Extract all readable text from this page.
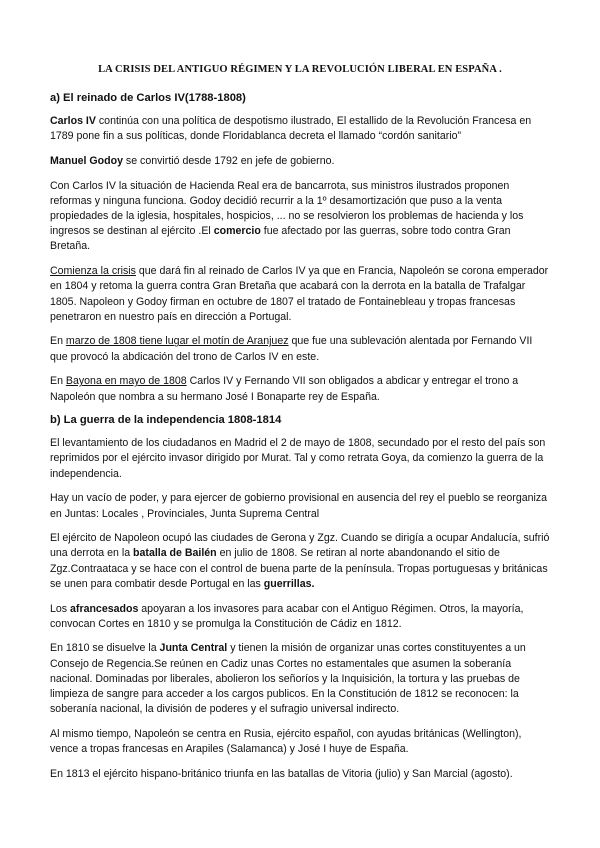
LA CRISIS DEL ANTIGUO RÉGIMEN Y LA REVOLUCIÓN LIBERAL EN ESPAÑA .
a) El reinado de Carlos IV(1788-1808)

Carlos IV continúa con una política de despotismo ilustrado, El estallido de la Revolución Francesa en 1789 pone fin a sus políticas, donde Floridablanca decreta el llamado “cordón sanitario”

Manuel Godoy se convirtió desde 1792 en jefe de gobierno.

Con Carlos IV la situación de Hacienda Real era de bancarrota, sus ministros ilustrados proponen reformas y ninguna funciona. Godoy decidió recurrir a la 1º desamortización que puso a la venta propiedades de la iglesia, hospitales, hospicios, ... no se resolvieron los problemas de hacienda y los ingresos se destinan al ejército .El comercio fue afectado por las guerras, sobre todo contra Gran Bretaña.

Comienza la crisis que dará fin al reinado de Carlos IV ya que en Francia, Napoleón se corona emperador en 1804 y retoma la guerra contra Gran Bretaña que acabará con la derrota en la batalla de Trafalgar 1805. Napoleon y Godoy firman en octubre de 1807 el tratado de Fontainebleau y tropas francesas penetraron en nuestro país en dirección a Portugal.

En marzo de 1808 tiene lugar el motín de Aranjuez que fue una sublevación alentada por Fernando VII que provocó la abdicación del trono de Carlos IV en este.

En Bayona en mayo de 1808 Carlos IV y Fernando VII son obligados a abdicar y entregar el trono a Napoleón que nombra a su hermano José I Bonaparte rey de España.

b) La guerra de la independencia 1808-1814

El levantamiento de los ciudadanos en Madrid el 2 de mayo de 1808, secundado por el resto del país son reprimidos por el ejército invasor dirigido por Murat. Tal y como retrata Goya, da comienzo la guerra de la independencia.

Hay un vacío de poder, y para ejercer de gobierno provisional en ausencia del rey el pueblo se reorganiza en Juntas: Locales , Provinciales, Junta Suprema Central

El ejército de Napoleon ocupó las ciudades de Gerona y Zgz. Cuando se dirigía a ocupar Andalucía, sufrió una derrota en la batalla de Bailén en julio de 1808. Se retiran al norte abandonando el sitio de Zgz.Contraataca y se hace con el control de buena parte de la península. Tropas portuguesas y británicas se unen para combatir desde Portugal en las guerrillas.

Los afrancesados apoyaran a los invasores para acabar con el Antiguo Régimen. Otros, la mayoría, convocan Cortes en 1810 y se promulga la Constitución de Cádiz en 1812.

En 1810 se disuelve la Junta Central y tienen la misión de organizar unas cortes constituyentes a un Consejo de Regencia.Se reúnen en Cadiz unas Cortes no estamentales que asumen la soberanía nacional. Dominadas por liberales, abolieron los señoríos y la Inquisición, la tortura y las pruebas de limpieza de sangre para acceder a los cargos publicos. En la Constitución de 1812 se reconocen: la soberanía nacional, la división de poderes y el sufragio universal indirecto.

Al mismo tiempo, Napoleón se centra en Rusia, ejército español, con ayudas británicas (Wellington), vence a tropas francesas en Arapiles (Salamanca) y José I huye de España.

En 1813 el ejército hispano-británico triunfa en las batallas de Vitoria (julio) y San Marcial (agosto).
